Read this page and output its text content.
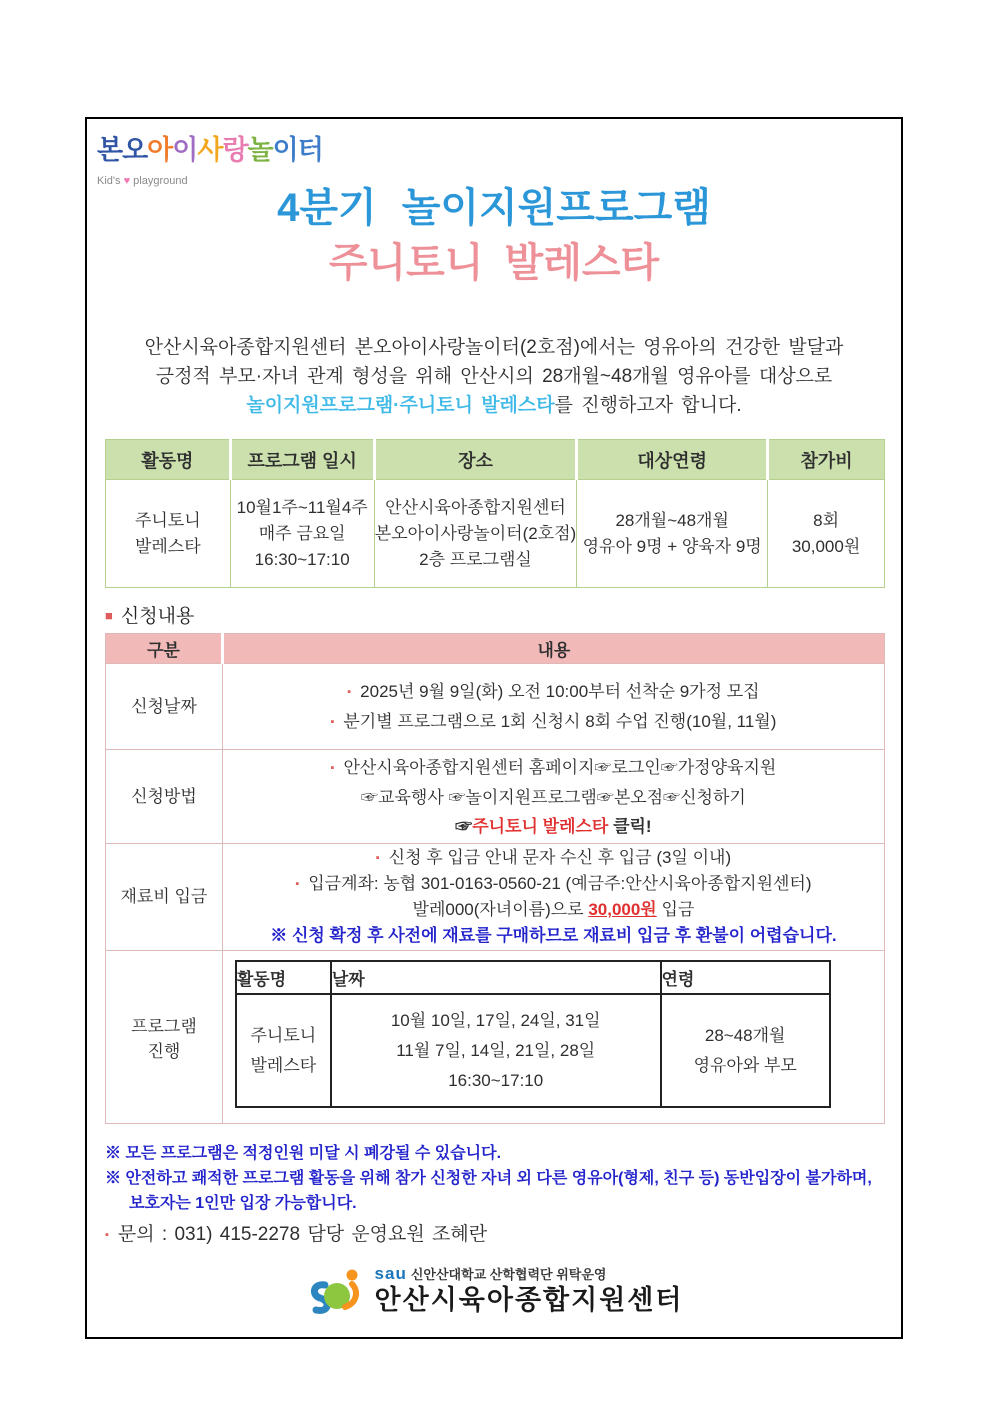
본오아이사랑놀이터
Kid's ♥ playground
4분기 놀이지원프로그램
주니토니 발레스타
안산시육아종합지원센터 본오아이사랑놀이터(2호점)에서는 영유아의 건강한 발달과
긍정적 부모·자녀 관계 형성을 위해 안산시의 28개월~48개월 영유아를 대상으로
놀이지원프로그램·주니토니 발레스타를 진행하고자 합니다.
활동명	프로그램 일시	장소	대상연령	참가비

주니토니
발레스타

10월1주~11월4주
매주 금요일
16:30~17:10

안산시육아종합지원센터
본오아이사랑놀이터(2호점)
2층 프로그램실

28개월~48개월
영유아 9명 + 양육자 9명

8회
30,000원
■ 신청내용
구분	내용
신청날짜	
▪ 2025년 9월 9일(화) 오전 10:00부터 선착순 9가정 모집
▪ 분기별 프로그램으로 1회 신청시 8회 수업 진행(10월, 11월)

신청방법	
▪ 안산시육아종합지원센터 홈페이지☞로그인☞가정양육지원
☞교육행사 ☞놀이지원프로그램☞본오점☞신청하기
☞주니토니 발레스타 클릭!

재료비 입금	
▪ 신청 후 입금 안내 문자 수신 후 입금 (3일 이내)
▪ 입금계좌: 농협 301-0163-0560-21 (예금주:안산시육아종합지원센터)
발레000(자녀이름)으로 30,000원 입금
※ 신청 확정 후 사전에 재료를 구매하므로 재료비 입금 후 환불이 어렵습니다.

프로그램
진행

활동명	날짜	연령

주니토니
발레스타

10월 10일, 17일, 24일, 31일
11월 7일, 14일, 21일, 28일
16:30~17:10

28~48개월
영유아와 부모
※ 모든 프로그램은 적정인원 미달 시 폐강될 수 있습니다.
※ 안전하고 쾌적한 프로그램 활동을 위해 참가 신청한 자녀 외 다른 영유아(형제, 친구 등) 동반입장이 불가하며,
보호자는 1인만 입장 가능합니다.
▪ 문의 : 031) 415-2278 담당 운영요원 조혜란
sau 신안산대학교 산학협력단 위탁운영
안산시육아종합지원센터
